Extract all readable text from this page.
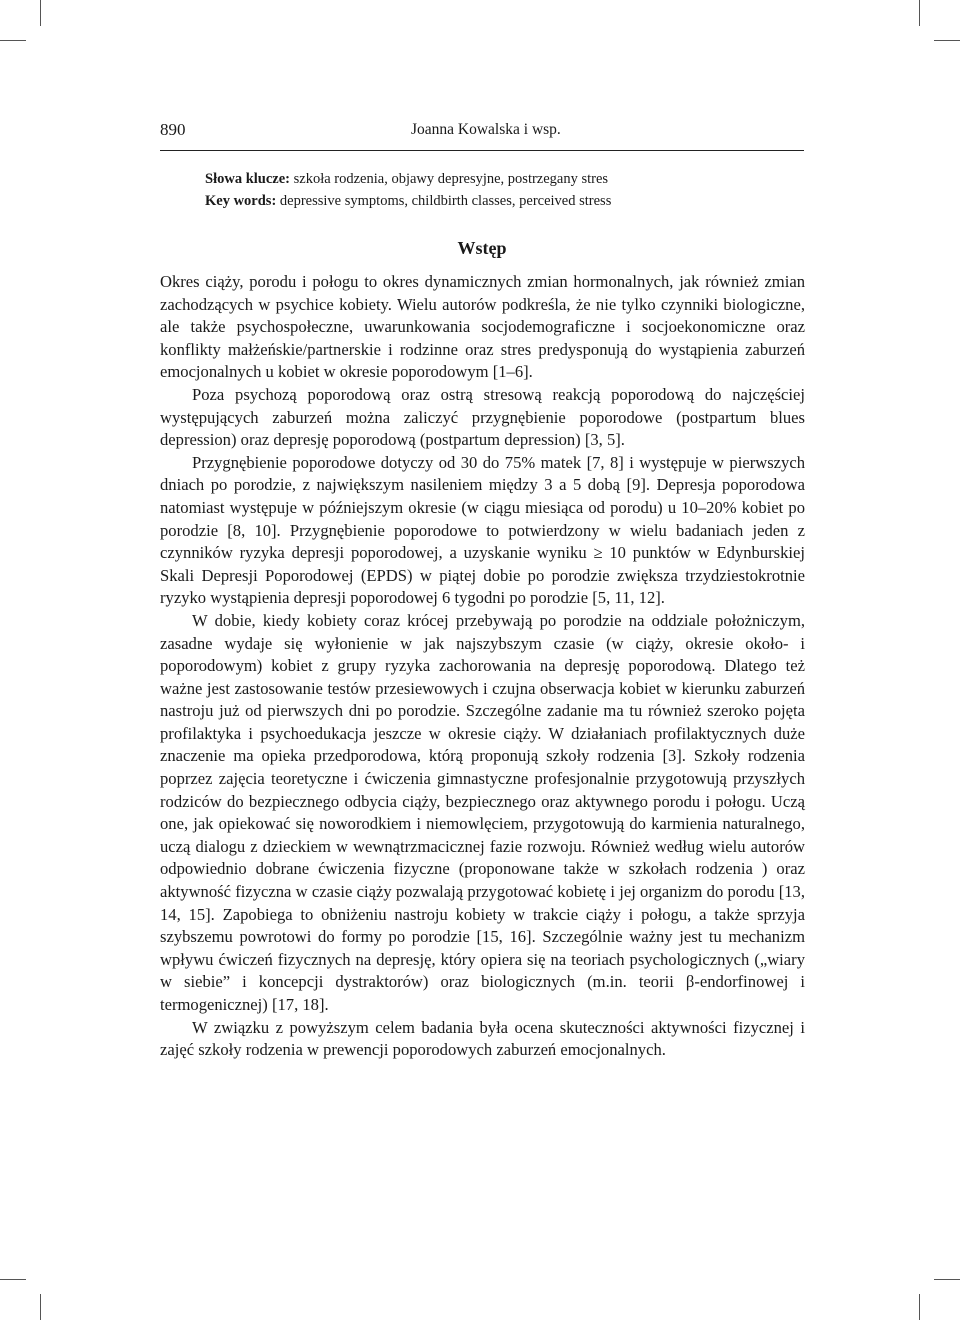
890	Joanna Kowalska i wsp.
Słowa klucze: szkoła rodzenia, objawy depresyjne, postrzegany stres
Key words: depressive symptoms, childbirth classes, perceived stress
Wstęp

Okres ciąży, porodu i połogu to okres dynamicznych zmian hormonalnych, jak również zmian zachodzących w psychice kobiety. Wielu autorów podkreśla, że nie tylko czynniki biologiczne, ale także psychospołeczne, uwarunkowania socjodemograficzne i socjoekonomiczne oraz konflikty małżeńskie/partnerskie i rodzinne oraz stres predysponują do wystąpienia zaburzeń emocjonalnych u kobiet w okresie poporodowym [1–6].

Poza psychozą poporodową oraz ostrą stresową reakcją poporodową do najczęściej występujących zaburzeń można zaliczyć przygnębienie poporodowe (postpartum blues depression) oraz depresję poporodową (postpartum depression) [3, 5].

Przygnębienie poporodowe dotyczy od 30 do 75% matek [7, 8] i występuje w pierwszych dniach po porodzie, z największym nasileniem między 3 a 5 dobą [9]. Depresja poporodowa natomiast występuje w późniejszym okresie (w ciągu miesiąca od porodu) u 10–20% kobiet po porodzie [8, 10]. Przygnębienie poporodowe to potwierdzony w wielu badaniach jeden z czynników ryzyka depresji poporodowej, a uzyskanie wyniku ≥ 10 punktów w Edynburskiej Skali Depresji Poporodowej (EPDS) w piątej dobie po porodzie zwiększa trzydziestokrotnie ryzyko wystąpienia depresji poporodowej 6 tygodni po porodzie [5, 11, 12].

W dobie, kiedy kobiety coraz krócej przebywają po porodzie na oddziale położniczym, zasadne wydaje się wyłonienie w jak najszybszym czasie (w ciąży, okresie około- i poporodowym) kobiet z grupy ryzyka zachorowania na depresję poporodową. Dlatego też ważne jest zastosowanie testów przesiewowych i czujna obserwacja kobiet w kierunku zaburzeń nastroju już od pierwszych dni po porodzie. Szczególne zadanie ma tu również szeroko pojęta profilaktyka i psychoedukacja jeszcze w okresie ciąży. W działaniach profilaktycznych duże znaczenie ma opieka przedporodowa, którą proponują szkoły rodzenia [3]. Szkoły rodzenia poprzez zajęcia teoretyczne i ćwiczenia gimnastyczne profesjonalnie przygotowują przyszłych rodziców do bezpiecznego odbycia ciąży, bezpiecznego oraz aktywnego porodu i połogu. Uczą one, jak opiekować się noworodkiem i niemowlęciem, przygotowują do karmienia naturalnego, uczą dialogu z dzieckiem w wewnątrzmacicznej fazie rozwoju. Również według wielu autorów odpowiednio dobrane ćwiczenia fizyczne (proponowane także w szkołach rodzenia ) oraz aktywność fizyczna w czasie ciąży pozwalają przygotować kobietę i jej organizm do porodu [13, 14, 15]. Zapobiega to obniżeniu nastroju kobiety w trakcie ciąży i połogu, a także sprzyja szybszemu powrotowi do formy po porodzie [15, 16]. Szczególnie ważny jest tu mechanizm wpływu ćwiczeń fizycznych na depresję, który opiera się na teoriach psychologicznych („wiary w siebie” i koncepcji dystraktorów) oraz biologicznych (m.in. teorii β-endorfinowej i termogenicznej) [17, 18].

W związku z powyższym celem badania była ocena skuteczności aktywności fizycznej i zajęć szkoły rodzenia w prewencji poporodowych zaburzeń emocjonalnych.
